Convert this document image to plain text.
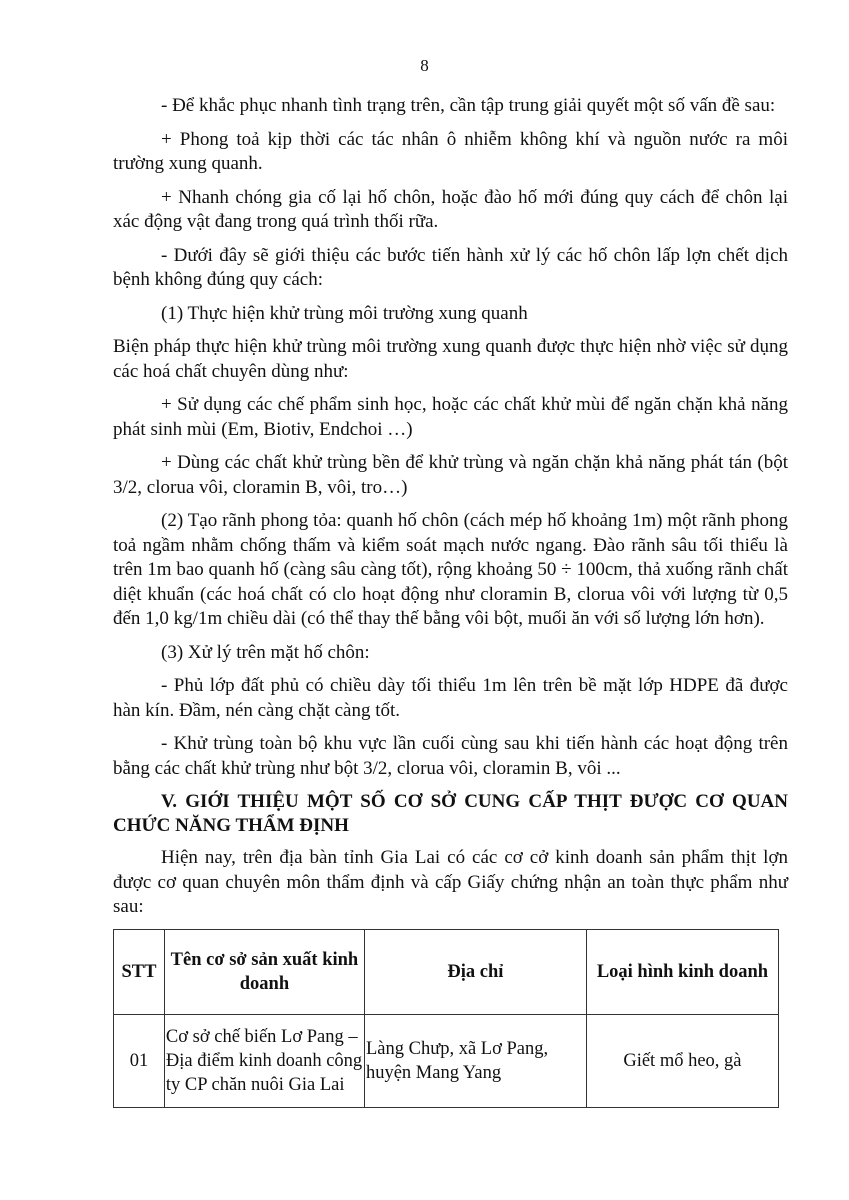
8

- Để khắc phục nhanh tình trạng trên, cần tập trung giải quyết một số vấn đề sau:

+ Phong toả kịp thời các tác nhân ô nhiễm không khí và nguồn nước ra môi trường xung quanh.

+ Nhanh chóng gia cố lại hố chôn, hoặc đào hố mới đúng quy cách để chôn lại xác động vật đang trong quá trình thối rữa.

- Dưới đây sẽ giới thiệu các bước tiến hành xử lý các hố chôn lấp lợn chết dịch bệnh không đúng quy cách:

(1) Thực hiện khử trùng môi trường xung quanh

Biện pháp thực hiện khử trùng môi trường xung quanh được thực hiện nhờ việc sử dụng các hoá chất chuyên dùng như:

+ Sử dụng các chế phẩm sinh học, hoặc các chất khử mùi để ngăn chặn khả năng phát sinh mùi (Em, Biotiv, Endchoi …)

+ Dùng các chất khử trùng bền để khử trùng và ngăn chặn khả năng phát tán (bột 3/2, clorua vôi, cloramin B, vôi, tro…)

(2) Tạo rãnh phong tỏa: quanh hố chôn (cách mép hố khoảng 1m) một rãnh phong toả ngầm nhằm chống thấm và kiểm soát mạch nước ngang. Đào rãnh sâu tối thiểu là trên 1m bao quanh hố (càng sâu càng tốt), rộng khoảng 50 ÷ 100cm, thả xuống rãnh chất diệt khuẩn (các hoá chất có clo hoạt động như cloramin B, clorua vôi với lượng từ 0,5 đến 1,0 kg/1m chiều dài (có thể thay thế bằng vôi bột, muối ăn với số lượng lớn hơn).

(3) Xử lý trên mặt hố chôn:

- Phủ lớp đất phủ có chiều dày tối thiểu 1m lên trên bề mặt lớp HDPE đã được hàn kín. Đầm, nén càng chặt càng tốt.

- Khử trùng toàn bộ khu vực lần cuối cùng sau khi tiến hành các hoạt động trên bằng các chất khử trùng như bột 3/2, clorua vôi, cloramin B, vôi ...

V. GIỚI THIỆU MỘT SỐ CƠ SỞ CUNG CẤP THỊT ĐƯỢC CƠ QUAN CHỨC NĂNG THẨM ĐỊNH

Hiện nay, trên địa bàn tỉnh Gia Lai có các cơ cở kinh doanh sản phẩm thịt lợn được cơ quan chuyên môn thẩm định và cấp Giấy chứng nhận an toàn thực phẩm như sau:

STT	Tên cơ sở sản xuất kinh doanh	Địa chỉ	Loại hình kinh doanh
01	Cơ sở chế biến Lơ Pang – Địa điểm kinh doanh công ty CP chăn nuôi Gia Lai	Làng Chưp, xã Lơ Pang, huyện Mang Yang	Giết mổ heo, gà
